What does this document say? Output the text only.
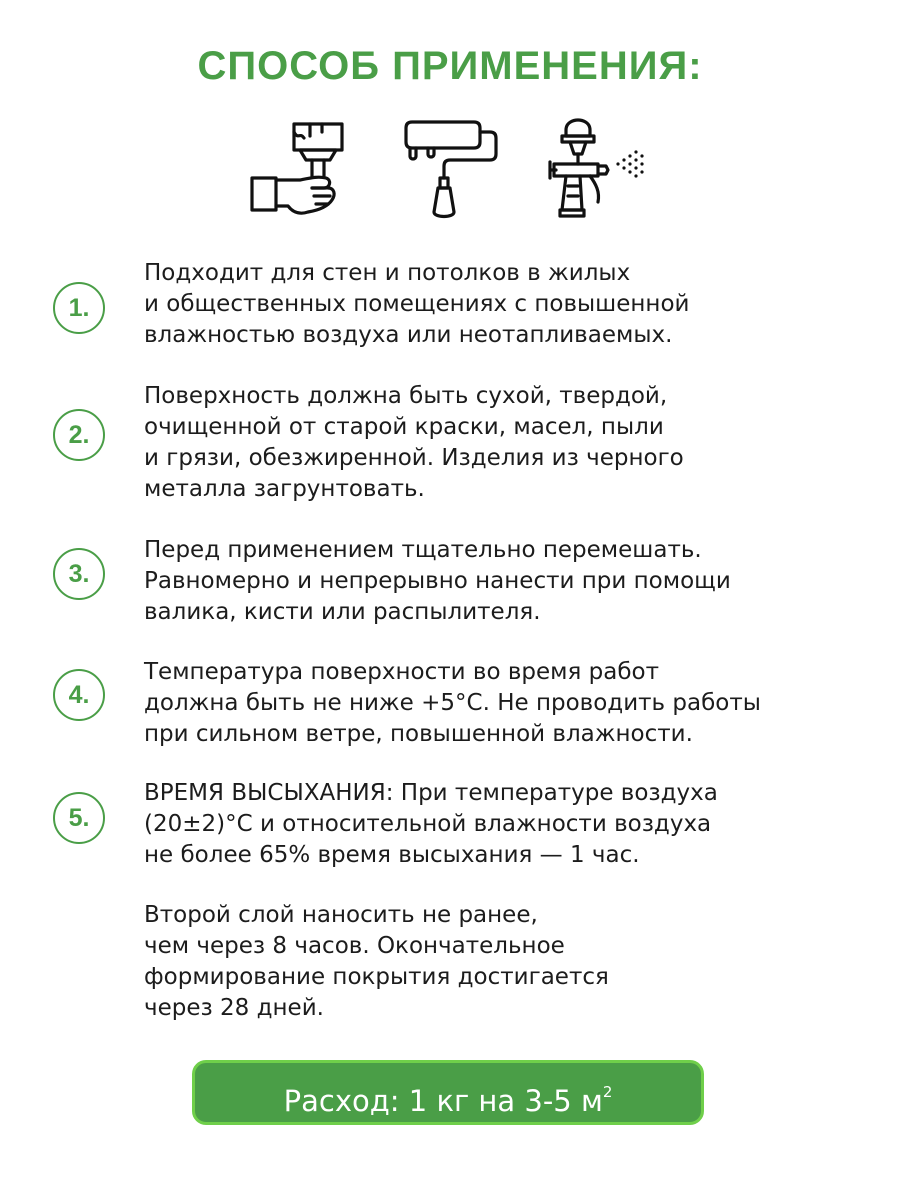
СПОСОБ ПРИМЕНЕНИЯ:
1.
Подходит для стен и потолков в жилых
и общественных помещениях с повышенной
влажностью воздуха или неотапливаемых.
2.
Поверхность должна быть сухой, твердой,
очищенной от старой краски, масел, пыли
и грязи, обезжиренной. Изделия из черного
металла загрунтовать.
3.
Перед применением тщательно перемешать.
Равномерно и непрерывно нанести при помощи
валика, кисти или распылителя.
4.
Температура поверхности во время работ
должна быть не ниже +5°С. Не проводить работы
при сильном ветре, повышенной влажности.
5.
ВРЕМЯ ВЫСЫХАНИЯ: При температуре воздуха
(20±2)°С и относительной влажности воздуха
не более 65% время высыхания — 1 час.
Второй слой наносить не ранее,
чем через 8 часов. Окончательное
формирование покрытия достигается
через 28 дней.
Расход: 1 кг на 3-5 $м^2$
